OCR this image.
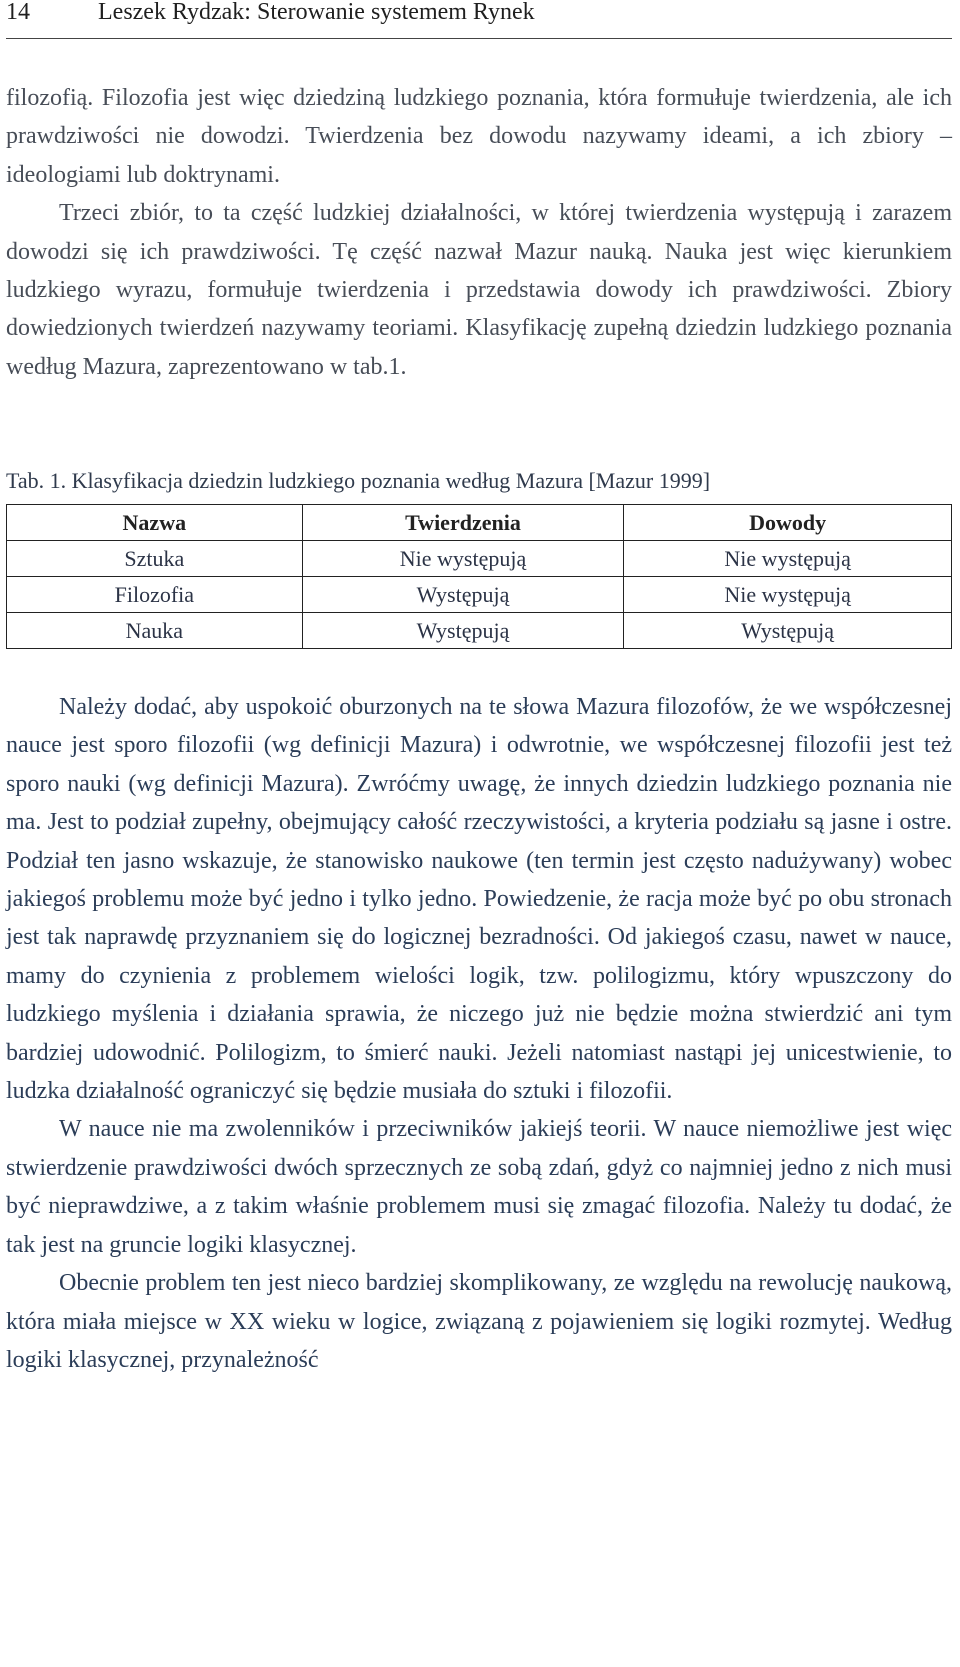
14	Leszek Rydzak: Sterowanie systemem Rynek

filozofią. Filozofia jest więc dziedziną ludzkiego poznania, która formułuje twierdzenia, ale ich prawdziwości nie dowodzi. Twierdzenia bez dowodu nazywamy ideami, a ich zbiory – ideologiami lub doktrynami.

Trzeci zbiór, to ta część ludzkiej działalności, w której twierdzenia występują i zarazem dowodzi się ich prawdziwości. Tę część nazwał Mazur nauką. Nauka jest więc kierunkiem ludzkiego wyrazu, formułuje twierdzenia i przedstawia dowody ich prawdziwości. Zbiory dowiedzionych twierdzeń nazywamy teoriami. Klasyfikację zupełną dziedzin ludzkiego poznania według Mazura, zaprezentowano w tab.1.

Tab. 1. Klasyfikacja dziedzin ludzkiego poznania według Mazura [Mazur 1999]
Nazwa	Twierdzenia	Dowody
Sztuka	Nie występują	Nie występują
Filozofia	Występują	Nie występują
Nauka	Występują	Występują

Należy dodać, aby uspokoić oburzonych na te słowa Mazura filozofów, że we współczesnej nauce jest sporo filozofii (wg definicji Mazura) i odwrotnie, we współczesnej filozofii jest też sporo nauki (wg definicji Mazura). Zwróćmy uwagę, że innych dziedzin ludzkiego poznania nie ma. Jest to podział zupełny, obejmujący całość rzeczywistości, a kryteria podziału są jasne i ostre. Podział ten jasno wskazuje, że stanowisko naukowe (ten termin jest często nadużywany) wobec jakiegoś problemu może być jedno i tylko jedno. Powiedzenie, że racja może być po obu stronach jest tak naprawdę przyznaniem się do logicznej bezradności. Od jakiegoś czasu, nawet w nauce, mamy do czynienia z problemem wielości logik, tzw. polilogizmu, który wpuszczony do ludzkiego myślenia i działania sprawia, że niczego już nie będzie można stwierdzić ani tym bardziej udowodnić. Polilogizm, to śmierć nauki. Jeżeli natomiast nastąpi jej unicestwienie, to ludzka działalność ograniczyć się będzie musiała do sztuki i filozofii.

W nauce nie ma zwolenników i przeciwników jakiejś teorii. W nauce niemożliwe jest więc stwierdzenie prawdziwości dwóch sprzecznych ze sobą zdań, gdyż co najmniej jedno z nich musi być nieprawdziwe, a z takim właśnie problemem musi się zmagać filozofia. Należy tu dodać, że tak jest na gruncie logiki klasycznej.

Obecnie problem ten jest nieco bardziej skomplikowany, ze względu na rewolucję naukową, która miała miejsce w XX wieku w logice, związaną z pojawieniem się logiki rozmytej. Według logiki klasycznej, przynależność
